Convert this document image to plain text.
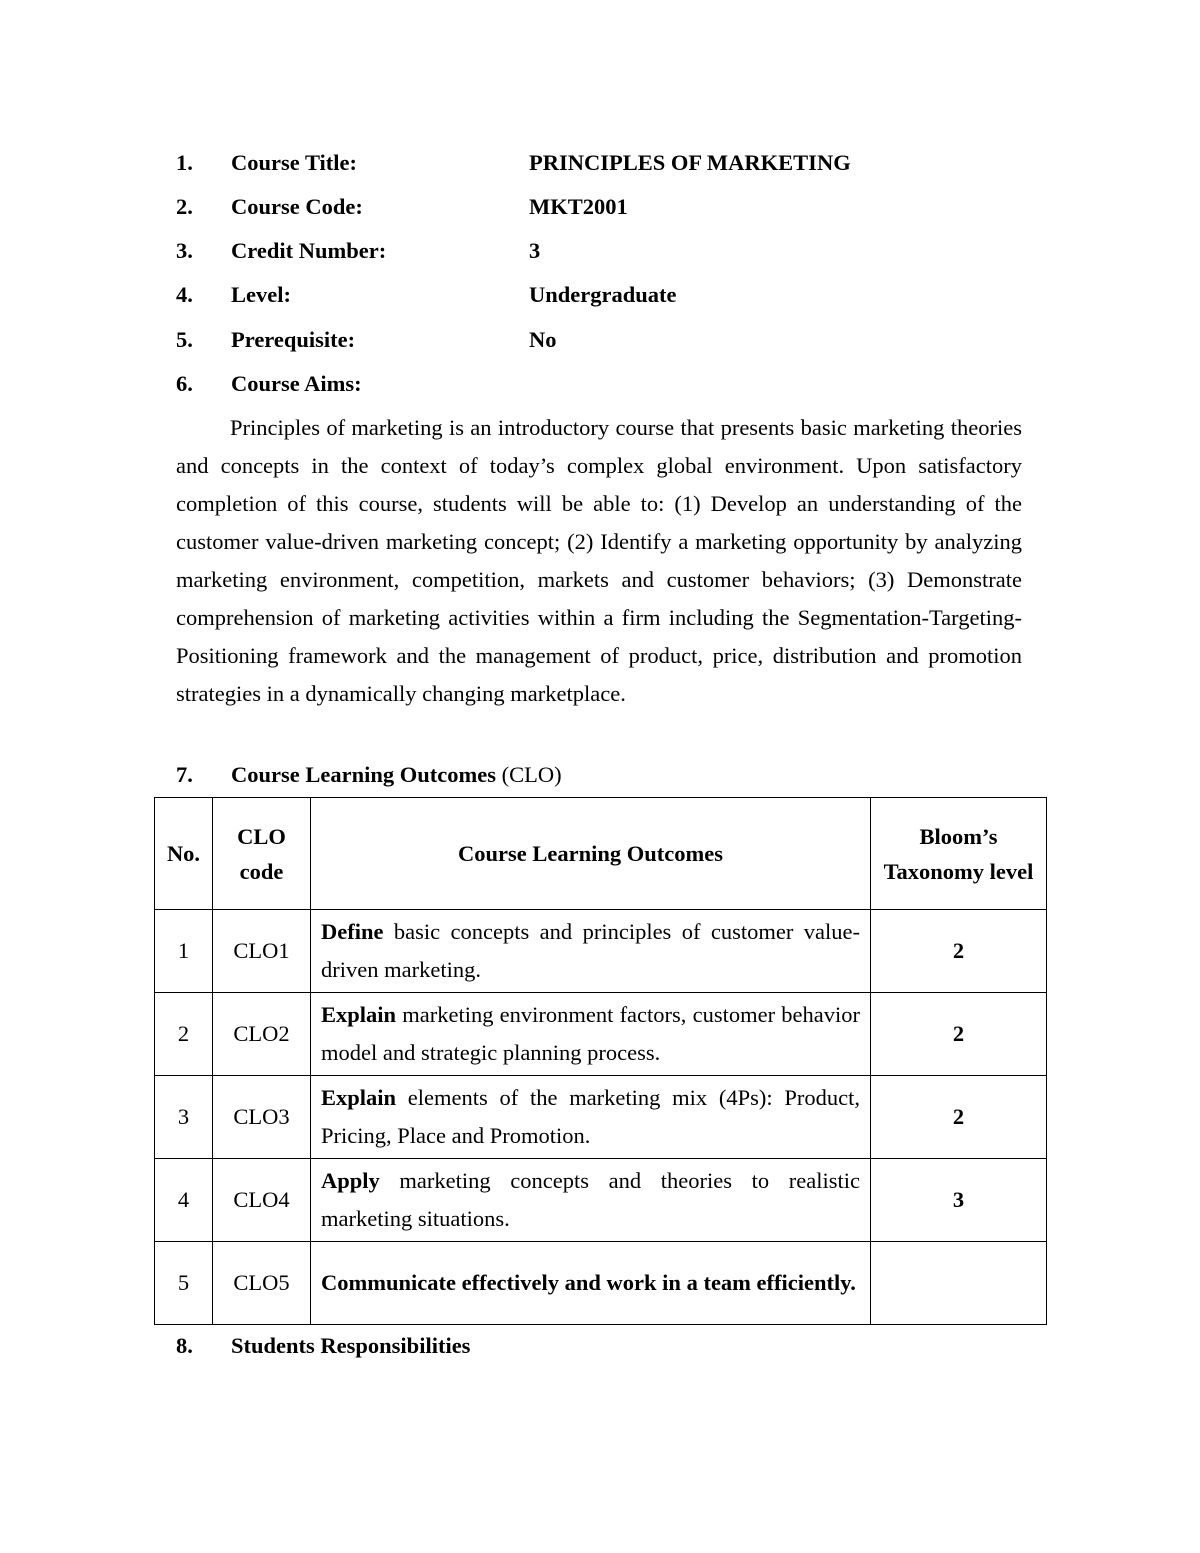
1. Course Title:	PRINCIPLES OF MARKETING
2. Course Code:	MKT2001
3. Credit Number:	3
4. Level:	Undergraduate
5. Prerequisite:	No
6. Course Aims:
Principles of marketing is an introductory course that presents basic marketing theories and concepts in the context of today’s complex global environment. Upon satisfactory completion of this course, students will be able to: (1) Develop an understanding of the customer value-driven marketing concept; (2) Identify a marketing opportunity by analyzing marketing environment, competition, markets and customer behaviors; (3) Demonstrate comprehension of marketing activities within a firm including the Segmentation-Targeting-Positioning framework and the management of product, price, distribution and promotion strategies in a dynamically changing marketplace.
7. Course Learning Outcomes (CLO)
No.	CLO code	Course Learning Outcomes	Bloom’s Taxonomy level
1	CLO1	Define basic concepts and principles of customer value-driven marketing.	2
2	CLO2	Explain marketing environment factors, customer behavior model and strategic planning process.	2
3	CLO3	Explain elements of the marketing mix (4Ps): Product, Pricing, Place and Promotion.	2
4	CLO4	Apply marketing concepts and theories to realistic marketing situations.	3
5	CLO5	Communicate effectively and work in a team efficiently.	
8. Students Responsibilities
